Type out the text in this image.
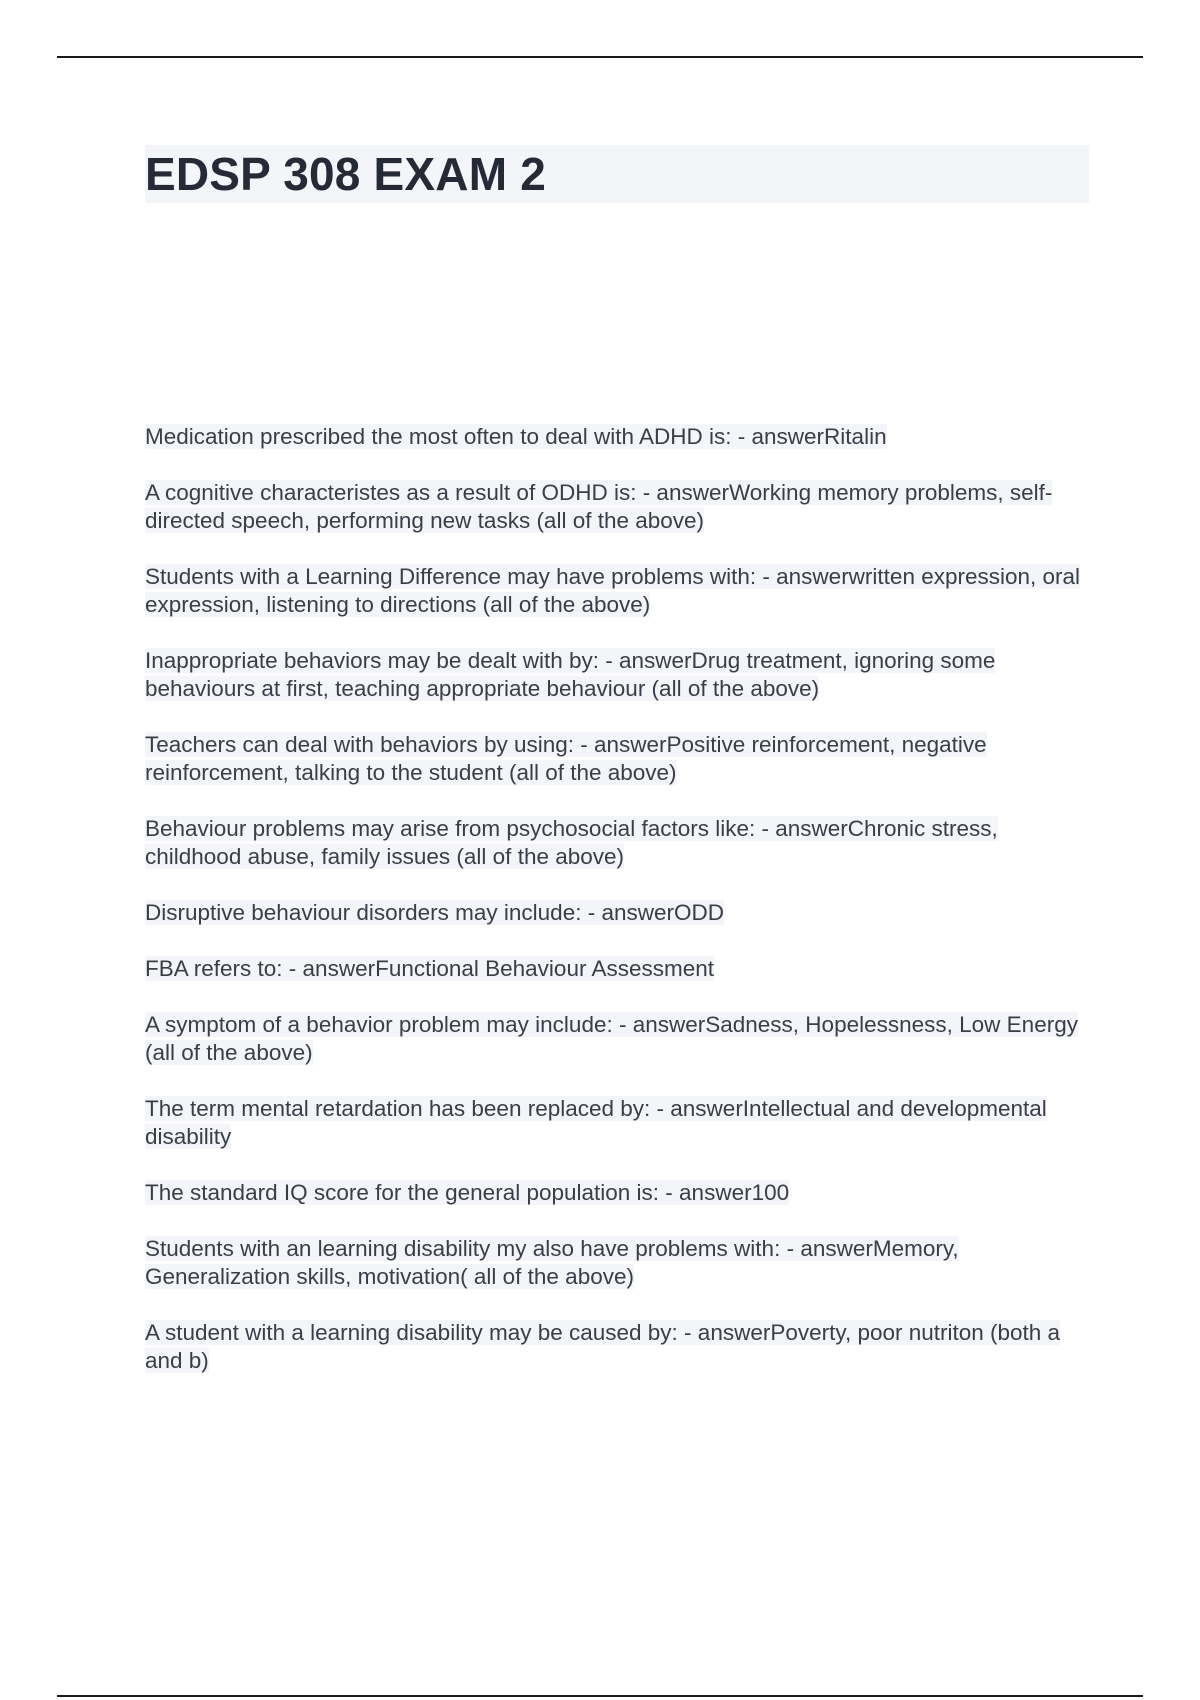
EDSP 308 EXAM 2
Medication prescribed the most often to deal with ADHD is: - answerRitalin
A cognitive characteristes as a result of ODHD is: - answerWorking memory problems, self-directed speech, performing new tasks (all of the above)
Students with a Learning Difference may have problems with: - answerwritten expression, oral expression, listening to directions (all of the above)
Inappropriate behaviors may be dealt with by: - answerDrug treatment, ignoring some behaviours at first, teaching appropriate behaviour (all of the above)
Teachers can deal with behaviors by using: - answerPositive reinforcement, negative reinforcement, talking to the student (all of the above)
Behaviour problems may arise from psychosocial factors like: - answerChronic stress, childhood abuse, family issues (all of the above)
Disruptive behaviour disorders may include: - answerODD
FBA refers to: - answerFunctional Behaviour Assessment
A symptom of a behavior problem may include: - answerSadness, Hopelessness, Low Energy (all of the above)
The term mental retardation has been replaced by: - answerIntellectual and developmental disability
The standard IQ score for the general population is: - answer100
Students with an learning disability my also have problems with: - answerMemory, Generalization skills, motivation( all of the above)
A student with a learning disability may be caused by: - answerPoverty, poor nutriton (both a and b)
